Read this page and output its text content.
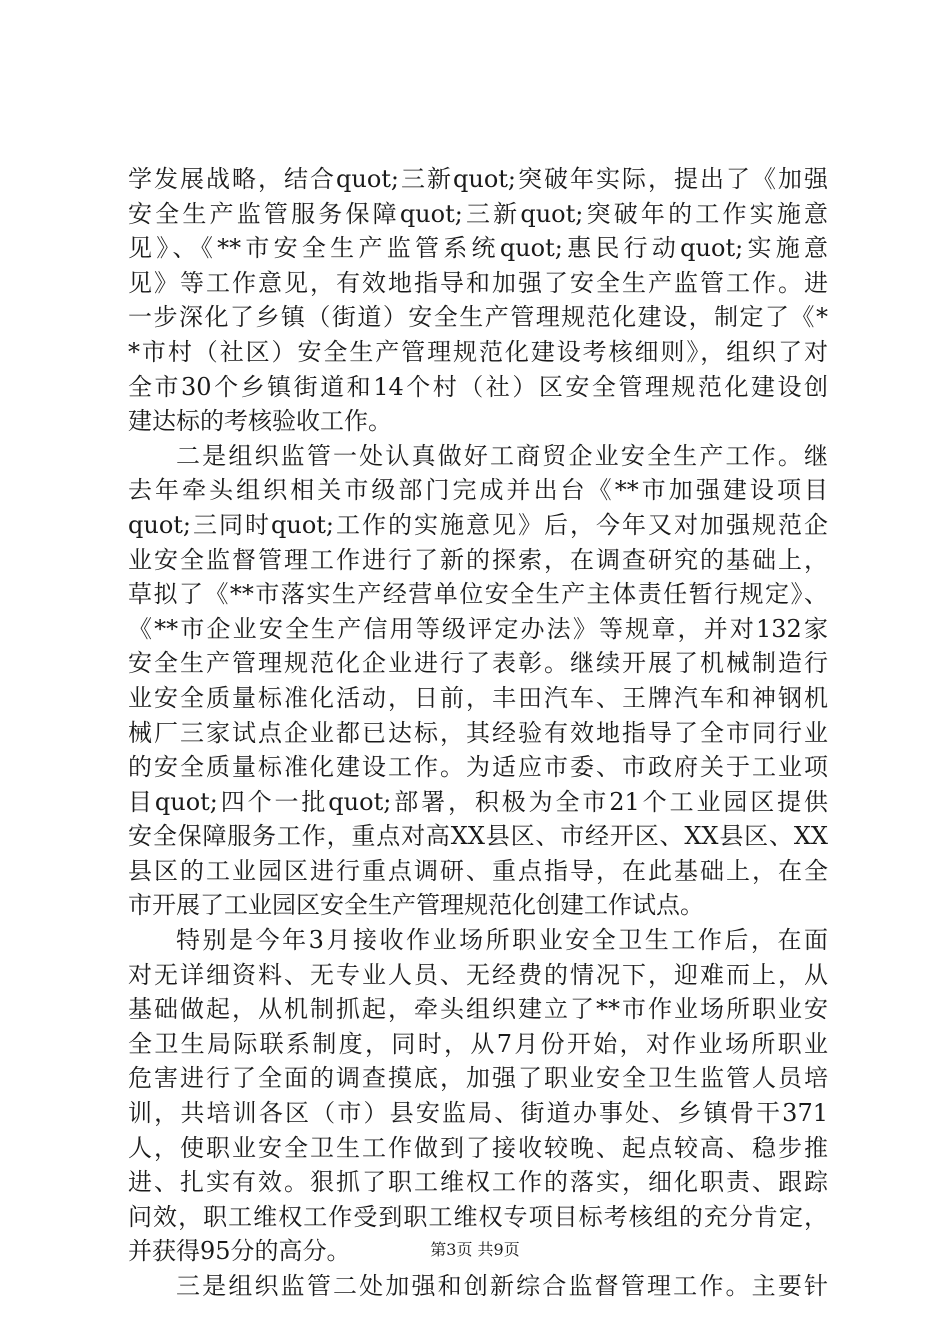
学发展战略，结合quot;三新quot;突破年实际，提出了《加强
安全生产监管服务保障quot;三新quot;突破年的工作实施意
见》、《**市安全生产监管系统quot;惠民行动quot;实施意
见》等工作意见，有效地指导和加强了安全生产监管工作。进
一步深化了乡镇（街道）安全生产管理规范化建设，制定了《*
*市村（社区）安全生产管理规范化建设考核细则》，组织了对
全市30个乡镇街道和14个村（社）区安全管理规范化建设创
建达标的考核验收工作。
二是组织监管一处认真做好工商贸企业安全生产工作。继
去年牵头组织相关市级部门完成并出台《**市加强建设项目
quot;三同时quot;工作的实施意见》后，今年又对加强规范企
业安全监督管理工作进行了新的探索，在调查研究的基础上，
草拟了《**市落实生产经营单位安全生产主体责任暂行规定》、
《**市企业安全生产信用等级评定办法》等规章，并对132家
安全生产管理规范化企业进行了表彰。继续开展了机械制造行
业安全质量标准化活动，日前，丰田汽车、王牌汽车和神钢机
械厂三家试点企业都已达标，其经验有效地指导了全市同行业
的安全质量标准化建设工作。为适应市委、市政府关于工业项
目quot;四个一批quot;部署，积极为全市21个工业园区提供
安全保障服务工作，重点对高XX县区、市经开区、XX县区、XX
县区的工业园区进行重点调研、重点指导，在此基础上，在全
市开展了工业园区安全生产管理规范化创建工作试点。
特别是今年3月接收作业场所职业安全卫生工作后，在面
对无详细资料、无专业人员、无经费的情况下，迎难而上，从
基础做起，从机制抓起，牵头组织建立了**市作业场所职业安
全卫生局际联系制度，同时，从7月份开始，对作业场所职业
危害进行了全面的调查摸底，加强了职业安全卫生监管人员培
训，共培训各区（市）县安监局、街道办事处、乡镇骨干371
人，使职业安全卫生工作做到了接收较晚、起点较高、稳步推
进、扎实有效。狠抓了职工维权工作的落实，细化职责、跟踪
问效，职工维权工作受到职工维权专项目标考核组的充分肯定，
并获得95分的高分。
三是组织监管二处加强和创新综合监督管理工作。主要针
第3页 共9页
